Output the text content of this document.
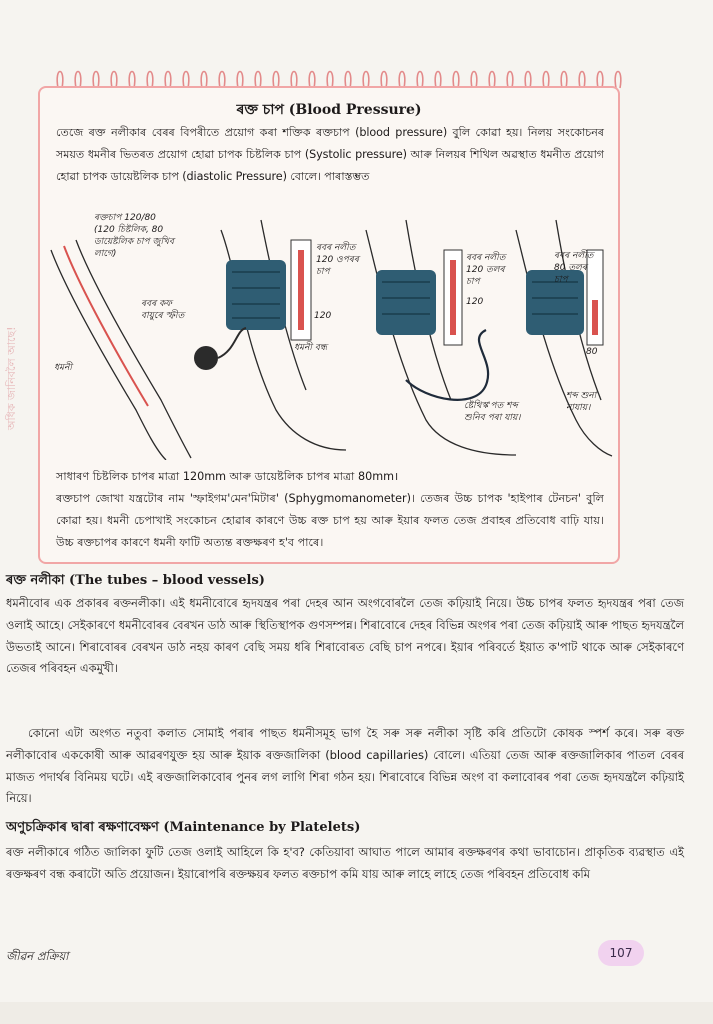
ৰক্ত চাপ (Blood Pressure)
তেজে ৰক্ত নলীকাৰ বেৰৰ বিপৰীতে প্ৰয়োগ কৰা শক্তিক ৰক্তচাপ (blood pressure) বুলি কোৱা হয়। নিলয় সংকোচনৰ সময়ত ধমনীৰ ভিতৰত প্ৰয়োগ হোৱা চাপক চিষ্টলিক চাপ (Systolic pressure) আৰু নিলয়ৰ শিথিল অৱস্থাত ধমনীত প্ৰয়োগ হোৱা চাপক ডায়েষ্টলিক চাপ (diastolic Pressure) বোলে। পাৰাস্তম্ভত
120
80
ৰক্তচাপ 120/80
(120 চিষ্টলিক, 80
ডায়েষ্টলিক চাপ জুখিব
লাগে)
ৰবৰ কফ
বায়ুৰে স্ফীত
ধমনী
ধমনী বন্ধ
ৰবৰ নলীত
120 ওপৰৰ
চাপ
ৰবৰ নলীত
120 তলৰ
চাপ
120
ৰবৰ নলীত
80 তলৰ
চাপ
ষ্টেথিস্ক'পত শব্দ
শুনিব পৰা যায়।
শব্দ শুনা
নাযায়।
সাধাৰণ চিষ্টলিক চাপৰ মাত্ৰা 120mm আৰু ডায়েষ্টলিক চাপৰ মাত্ৰা 80mm।
ৰক্তচাপ জোখা যন্ত্ৰটোৰ নাম 'স্ফাইগম'মেন'মিটাৰ' (Sphygmomanometer)। তেজৰ উচ্চ চাপক 'হাইপাৰ টেনচন' বুলি কোৱা হয়। ধমনী চেপাখাই সংকোচন হোৱাৰ কাৰণে উচ্চ ৰক্ত চাপ হয় আৰু ইয়াৰ ফলত তেজ প্ৰবাহৰ প্ৰতিবোধ বাঢ়ি যায়। উচ্চ ৰক্তচাপৰ কাৰণে ধমনী ফাটি অত্যন্ত ৰক্তক্ষৰণ হ'ব পাৰে।
অধিক জানিবলৈ আছে!
ৰক্ত নলীকা (The tubes – blood vessels)
ধমনীবোৰ এক প্ৰকাৰৰ ৰক্তনলীকা। এই ধমনীবোৰে হৃদযন্ত্ৰৰ পৰা দেহৰ আন অংগবোৰলৈ তেজ কঢ়িয়াই নিয়ে। উচ্চ চাপৰ ফলত হৃদযন্ত্ৰৰ পৰা তেজ ওলাই আহে। সেইকাৰণে ধমনীবোৰৰ বেৰখন ডাঠ আৰু স্থিতিস্থাপক গুণসম্পন্ন। শিৰাবোৰে দেহৰ বিভিন্ন অংগৰ পৰা তেজ কঢ়িয়াই আৰু পাছত হৃদযন্ত্ৰলৈ উভতাই আনে। শিৰাবোৰৰ বেৰখন ডাঠ নহয় কাৰণ বেছি সময় ধৰি শিৰাবোৰত বেছি চাপ নপৰে। ইয়াৰ পৰিবৰ্তে ইয়াত ক'পাট থাকে আৰু সেইকাৰণে তেজৰ পৰিবহন একমুখী।
কোনো এটা অংগত নতুবা কলাত সোমাই পৰাৰ পাছত ধমনীসমূহ ভাগ হৈ সৰু সৰু নলীকা সৃষ্টি কৰি প্ৰতিটো কোষক স্পৰ্শ কৰে। সৰু ৰক্ত নলীকাবোৰ এককোষী আৰু আৱৰণযুক্ত হয় আৰু ইয়াক ৰক্তজালিকা (blood capillaries) বোলে। এতিয়া তেজ আৰু ৰক্তজালিকাৰ পাতল বেৰৰ মাজত পদাৰ্থৰ বিনিময় ঘটে। এই ৰক্তজালিকাবোৰ পুনৰ লগ লাগি শিৰা গঠন হয়। শিৰাবোৰে বিভিন্ন অংগ বা কলাবোৰৰ পৰা তেজ হৃদযন্ত্ৰলৈ কঢ়িয়াই নিয়ে।
অণুচক্ৰিকাৰ দ্বাৰা ৰক্ষণাবেক্ষণ (Maintenance by Platelets)
ৰক্ত নলীকাৰে গঠিত জালিকা ফুটি তেজ ওলাই আহিলে কি হ'ব? কেতিয়াবা আঘাত পালে আমাৰ ৰক্তক্ষৰণৰ কথা ভাবাচোন। প্ৰাকৃতিক ব্যৱস্থাত এই ৰক্তক্ষৰণ বন্ধ কৰাটো অতি প্ৰয়োজন। ইয়াৰোপৰি ৰক্তক্ষয়ৰ ফলত ৰক্তচাপ কমি যায় আৰু লাহে লাহে তেজ পৰিবহন প্ৰতিবোধ কমি
জীৱন প্ৰক্ৰিয়া	107
